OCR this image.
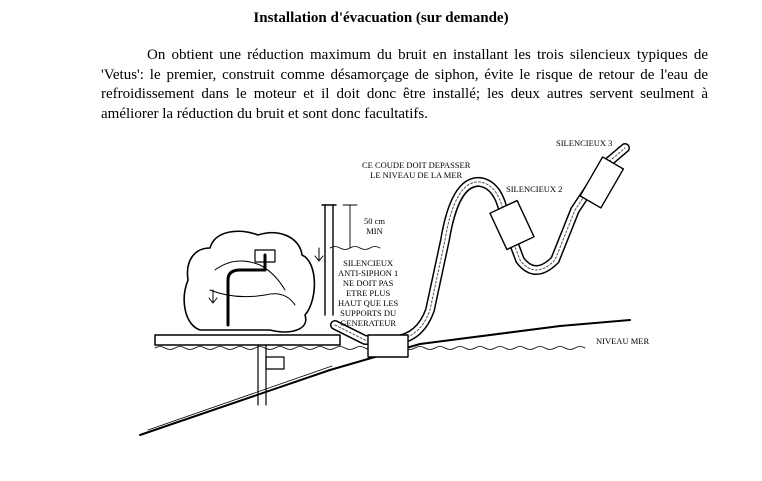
Installation d'évacuation (sur demande)
On obtient une réduction maximum du bruit en installant les trois silencieux typiques de 'Vetus': le premier, construit comme désamorçage de siphon, évite le risque de retour de l'eau de refroidissement dans le moteur et il doit donc être installé; les deux autres servent seulment à améliorer la réduction du bruit et sont donc facultatifs.
SILENCIEUX 3
CE COUDE DOIT DEPASSER
LE NIVEAU DE LA MER
SILENCIEUX 2
50 cm
MIN
SILENCIEUX
ANTI-SIPHON 1
NE DOIT PAS
ETRE PLUS
HAUT QUE LES
SUPPORTS DU
GENERATEUR
NIVEAU MER
